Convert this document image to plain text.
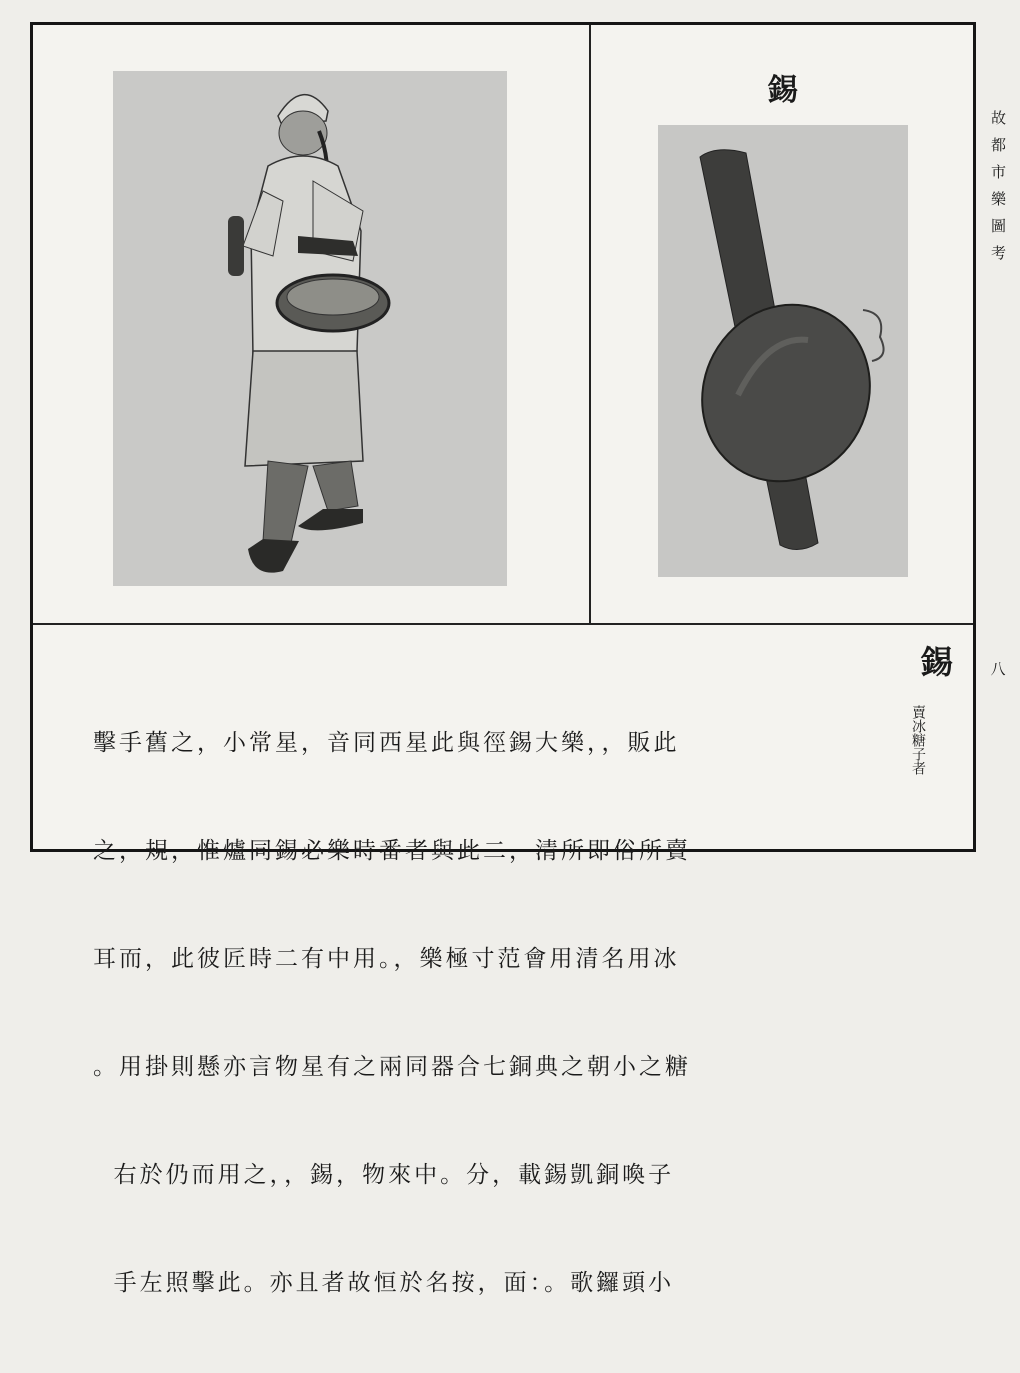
錫
錫
賣冰糖子者

擊手舊之，小常星，音同西星此與徑錫大樂，，販此

之，規，惟爐同錫必樂時番者與此二，清所即俗所賣

耳而，此彼匠時二有中用。，樂極寸范會用清名用冰

。用掛則懸亦言物星有之兩同器合七銅典之朝小之糖

右於仍而用之，，錫，物來中。分，載錫凱銅喚子

手左照擊此。亦且者故恒於名按，面：。歌鑼頭小

故都市樂圖考
八
